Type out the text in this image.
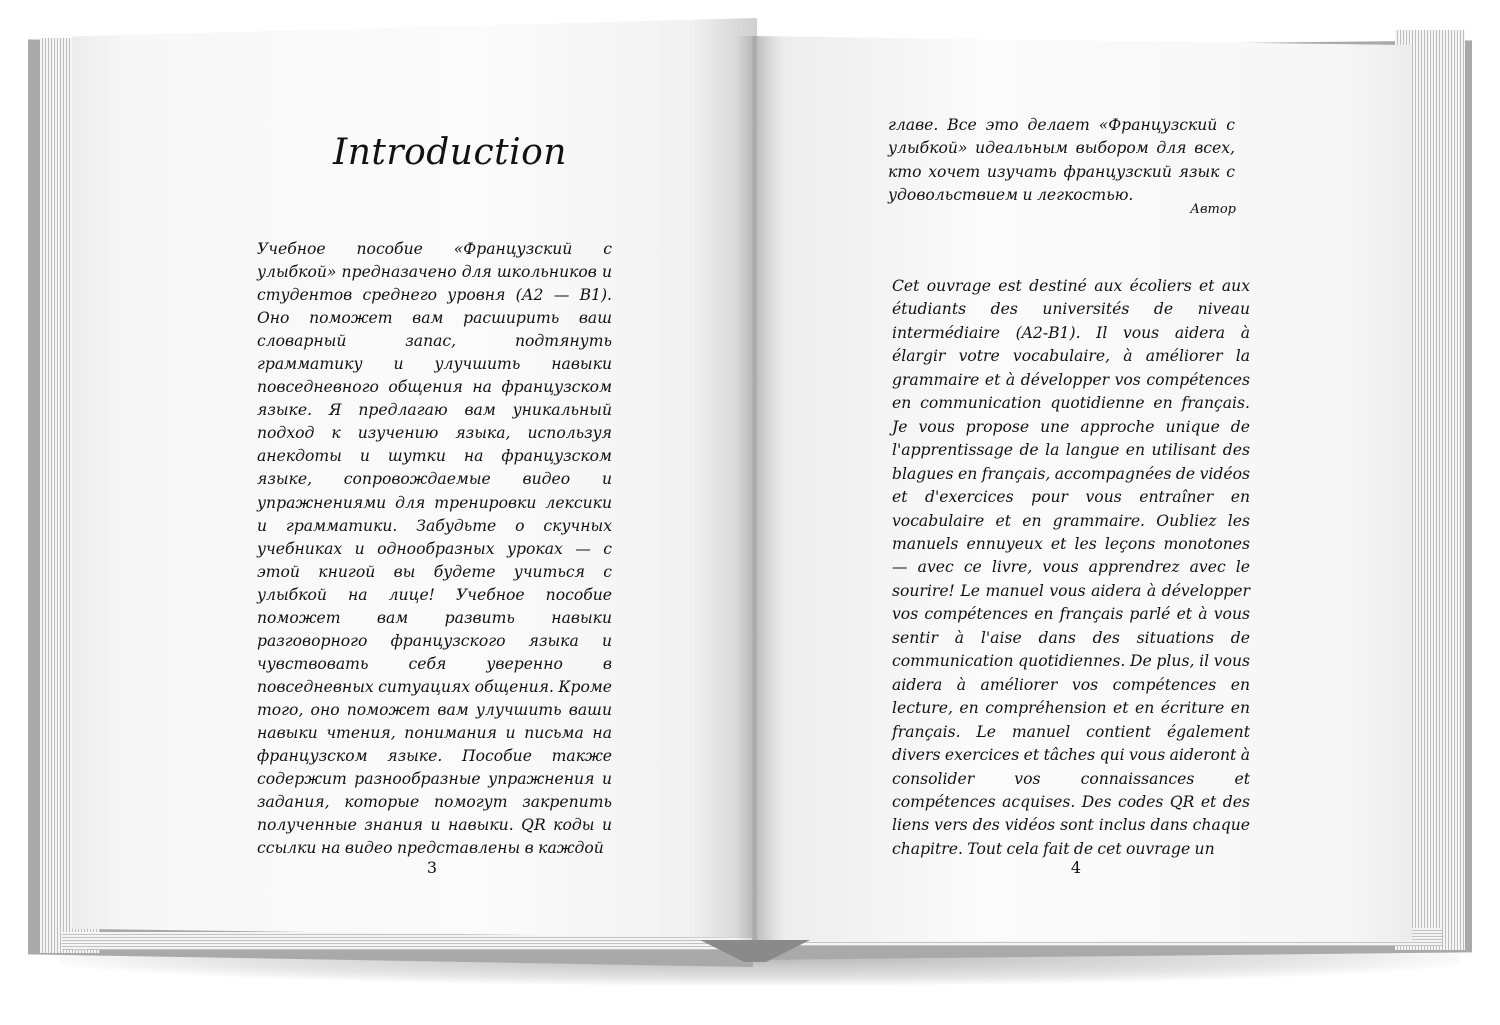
Introduction
Учебное пособие «Французский с улыбкой» предназачено для школьников и студентов среднего уровня (А2 — В1). Оно поможет вам расширить ваш словарный запас, подтянуть грамматику и улучшить навыки повседневного общения на французском языке. Я предлагаю вам уникальный подход к изучению языка, используя анекдоты и шутки на французском языке, сопровождаемые видео и упражнениями для тренировки лексики и грамматики. Забудьте о скучных учебниках и однообразных уроках — с этой книгой вы будете учиться с улыбкой на лице! Учебное пособие поможет вам развить навыки разговорного французского языка и чувствовать себя уверенно в повседневных ситуациях общения. Кроме того, оно поможет вам улучшить ваши навыки чтения, понимания и письма на французском языке. Пособие также содержит разнообразные упражнения и задания, которые помогут закрепить полученные знания и навыки. QR коды и ссылки на видео представлены в каждой
3
главе. Все это делает «Французский с улыбкой» идеальным выбором для всех, кто хочет изучать французский язык с удовольствием и легкостью.
Автор
Cet ouvrage est destiné aux écoliers et aux étudiants des universités de niveau intermédiaire (A2-B1). Il vous aidera à élargir votre vocabulaire, à améliorer la grammaire et à développer vos compétences en communication quotidienne en français. Je vous propose une approche unique de l'apprentissage de la langue en utilisant des blagues en français, accompagnées de vidéos et d'exercices pour vous entraîner en vocabulaire et en grammaire. Oubliez les manuels ennuyeux et les leçons monotones — avec ce livre, vous apprendrez avec le sourire! Le manuel vous aidera à développer vos compétences en français parlé et à vous sentir à l'aise dans des situations de communication quotidiennes. De plus, il vous aidera à améliorer vos compétences en lecture, en compréhension et en écriture en français. Le manuel contient également divers exercices et tâches qui vous aideront à consolider vos connaissances et compétences acquises. Des codes QR et des liens vers des vidéos sont inclus dans chaque chapitre. Tout cela fait de cet ouvrage un
4
